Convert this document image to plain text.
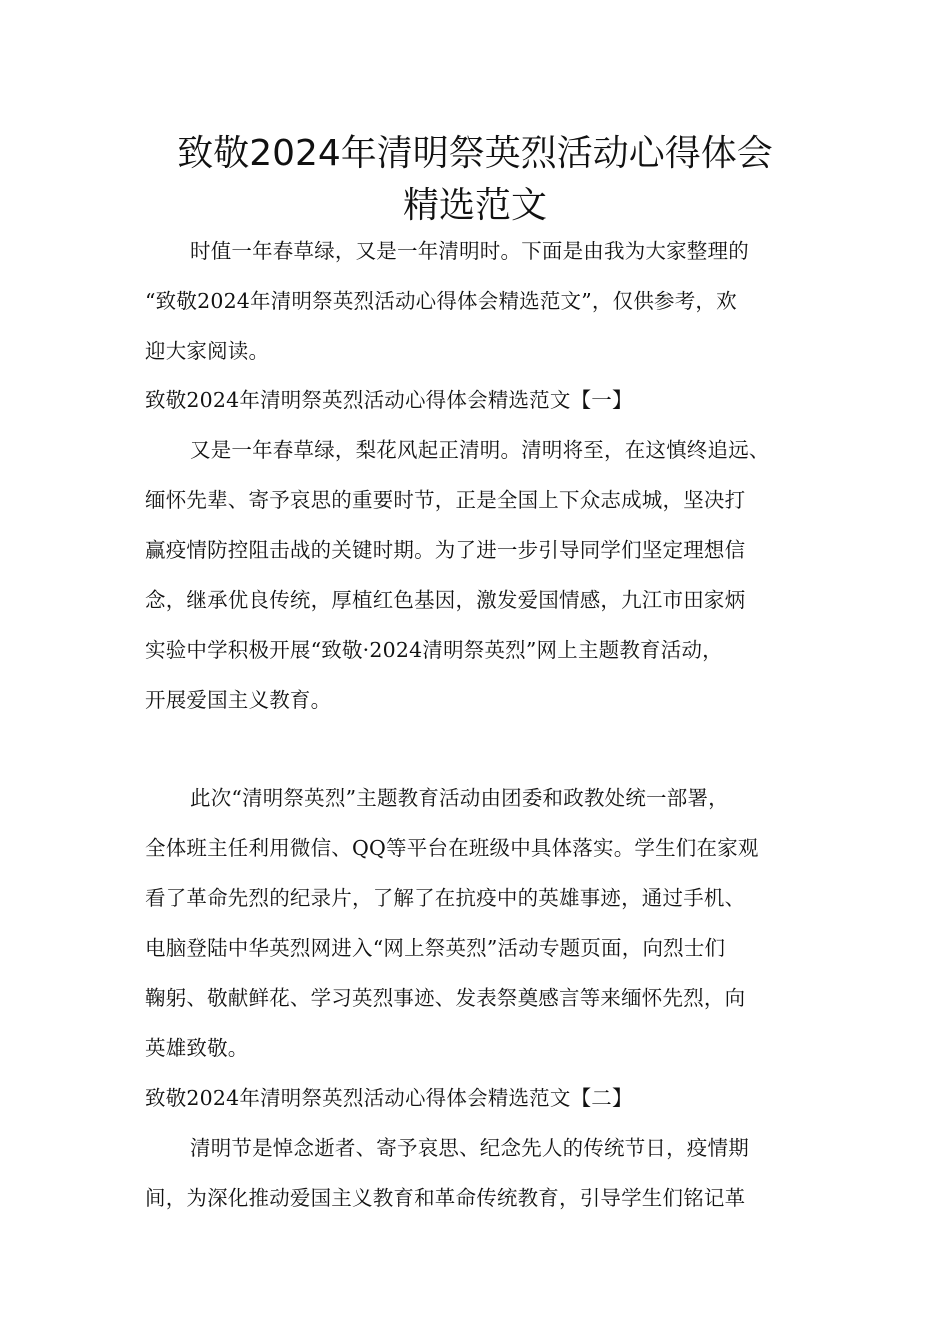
致敬2024年清明祭英烈活动心得体会
精选范文
时值一年春草绿，又是一年清明时。下面是由我为大家整理的
“致敬2024年清明祭英烈活动心得体会精选范文”，仅供参考，欢
迎大家阅读。
致敬2024年清明祭英烈活动心得体会精选范文【一】
又是一年春草绿，梨花风起正清明。清明将至，在这慎终追远、
缅怀先辈、寄予哀思的重要时节，正是全国上下众志成城，坚决打
赢疫情防控阻击战的关键时期。为了进一步引导同学们坚定理想信
念，继承优良传统，厚植红色基因，激发爱国情感，九江市田家炳
实验中学积极开展“致敬·2024清明祭英烈”网上主题教育活动，
开展爱国主义教育。
此次“清明祭英烈”主题教育活动由团委和政教处统一部署，
全体班主任利用微信、QQ等平台在班级中具体落实。学生们在家观
看了革命先烈的纪录片，了解了在抗疫中的英雄事迹，通过手机、
电脑登陆中华英烈网进入“网上祭英烈”活动专题页面，向烈士们
鞠躬、敬献鲜花、学习英烈事迹、发表祭奠感言等来缅怀先烈，向
英雄致敬。
致敬2024年清明祭英烈活动心得体会精选范文【二】
清明节是悼念逝者、寄予哀思、纪念先人的传统节日，疫情期
间，为深化推动爱国主义教育和革命传统教育，引导学生们铭记革
